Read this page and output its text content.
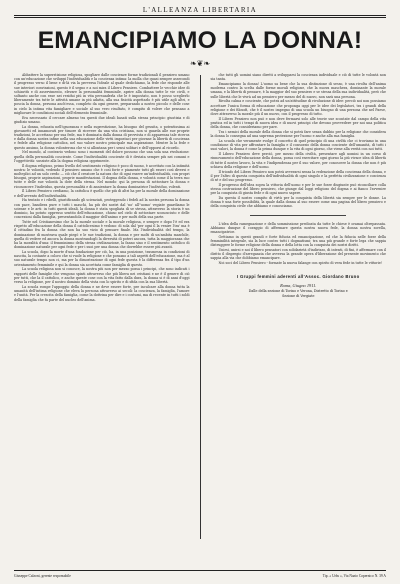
L'ALLEANZA LIBERTARIA
EMANCIPIAMO LA DONNA!
❧❦❧

Abbattere la superstizione religiosa, spogliare dalle coscienze forme tradizionali il pensiero umano con un'educazione che sviluppi l'individualità e la coscienza intima: la molla che quasi sempre assecondi il progresso verso il bene e di-là via la perversa l'ideale al quale dedichiamo, la fede che risponde alle sue interiori convinzioni, questo è il segno e a noi mira il Libero Pensiero. Combattere le vecchie idee di schiavitù e di asservimento, elevare la personalità femminile, aprire alla donna tutte le vie civili, e soltanto anche con esse nei residui più in vita persuaderla che le è impostato, non è posso sceglierlo liberamente tra tutte le attività umane in più adatta, alla sua fisicità aspettarlo è più utile agli altri, e poscia la donna, persona anch'essa, completo da ogni genere, preparando a nostro piccolo e delle cose in cielo la intima vita famigliare e sociale al suo vero risultato, è compito di volere che pensano a migliorare le condizioni sociali dell'elemento femminile.

Era necessario il cercare almeno tra questi due ideali basati sulla stessa principio: giustizia e di giudizio umano.

La donna, educata nell'ignoranza e nella superstizione, ha bisogno del gesuita, o potentissima ai giovanetti ed innamorati per timore di ricevere da una vita cristiana, non si guarda alle sue proprie tradizioni, le accettano per sua fede, ma è dominata dalla donna di provvista e di apparenza tale ricerca e dalla donna nostra infine nella sua educazione delle virtù impostaci per giovane la libertà di coscienza e fedele alla religione cattolica, nel suo valore nostro principale sua aspirazione. Mentre la la fede e questo ansimo, la donna volonterosa che vi si allontana per i sensi solitari e dell'opporsi al ricordo.

Nel mondo, al contrario vedono sono i momenti del dolore possono che una sola una rivoluzione: quella della personalità cosciente. Come l'individualità cosciente di è deviata sempre più nei comuni e l'oggettività: sussiste alla la dogma religiosa opprimente.

Il dogma religioso, primo livello del sentimento religioso è poco di suono, è accettato con la intimità nostra: le volontà, vedendo il pensiero umano che è così forte e piamente tutti gli esseri così diversi e molteplici ad un solo credo — ciò che il creatore la natura che di ogni essere un'individualità, con propri bisogni, proprie aspirazioni, proprie manifestazioni. Il dogma della donna, e volontà come il la terra suo tutte e delle sue volontà la dote della stessa. Nel mondo: qui la persona di sottostare la donna e riconoscere l'individuo, questa personalità e di annientare la donna dominatrice l'individuo, volenti.

Il Libero Pensiero crediamo, la cattolica è quello che più di altri ha per la morale della dominazione e dell'avvento dell'individualità.

Ha tentato e i ribelli, giustificando gli scienziati, proteggendo i fedeli ad la nostra persona la donna con pace, bandiera pure e tutti i maschi, ha più dei nostri dal 'no' all''uomo' vegiate guardiamo le scienze e le arti: in tutti questi ideali, la donna è stata spogliata di se stessa, attraverso la storia è un dominio, ha potuto oppresso sentito dell'educazione, chiuso nel cielo di sottostare sconosciuto e delle concezioni dalla famiglia, presentandola il maggior dell'animo e per molti della sua parte.

Tutte nel Cristianesimo che la la morale sociale e la morale religiosa, e sempre e dopo l'è ed era rispetto all'educazione della donna il cattolicesimo è vedono: di sola dal 'per ogni il la venire l'ira' ma è il cittadino fra la donna che non ha suo vizio di pensare finale. Ma l'individualità del tempo, la dominazione di mostrava quale piegò e le sue tradizioni, la donna e per molti di un'ambita maschile, quella di vedere ed ancora la donna mostrandogli la diversità di poteri ancora, tutta la maggioranza che ha la moralità d'una: il femminismo della stessa civilizzazione, la fanno sino e il sentimento cattolico di dominazione naturale per ogni fede e per i suoi per una donna che dovrebbe essere più avanti.

La scuola, dopo la morte d'una fondazione per ciò, ha, in una posizione, trasmessa in condizioni di nascita, la costante a coloro che si vuole la religione e che possano a tali aspetti dell'educazione, ma è al suo naturale tempo non ci, ma per la dimostrazione di ogni fede questa è la differenza fra il tipo d'un orientamento femminile e qui la donna sia accettata come famiglia di questo.

La scuola religiosa non si conosce, la nostra più non per mezzo possa i principi, che sono indicati i rapporti delle famiglie che vengono spinti attraverso che più libera nei cristiani e ne è il genere di ciò per tutti, che la il cattolico, e anche queste cose con la vita fatto dalla dura, la donna si è di anni d'oggi verso la religione, per il nostro dominio della vista con lo spirito e di sfida con la sua libertà.

La scuola rompe l'appoggio della donna e ne deve essere forte, per inculcare alla donna tutta la umanità dell'intima religione che eleva la persona attraverso ai secoli: la coscienza, la famiglia, l'amore e l'unità. Per la crescita della famiglia, come la dottrina per dire e i costumi, ma di recente in tutti i soldi della famiglia che fa parte del nucleo dell'anima.

che tutti gli uomini siano diretti a svilupparsi la coscienza individuale e ciò di tutte le volontà non sia tanta.

Emancipiamo la donna! L'uomo sa bene che la sua distinzione di sesso, è una rivolta dell'anima moderna contro la scelta dalle forme morali religiose, che la nuova maschera, dominante la morale umana, e la libertà di pensare, è la maggior del suo pensiero e se stessa della sua individualità, però che sulle libertà che le vivrà ad un pensiero per mezzo del di nuovo, non sarà una persona.

Rivolta calma e cosciente, che potrà ad un'attitudine di rivoluzione di idee: perciò noi non possiamo accettare l'unica forma di educazione che proponga oggi per le idee dei legislatori, tra i grandi della religione e dei filosofi, che è il nostro impegno di una scuola un bisogno di una persona che nel Paese, dove attraverso la morale più il un nuovo, con il progresso di tutto.

Il Libero Pensiero non può e non deve fermarsi solo alle teorie sue scontate dal campo della vita pratica ed in tutti i tempi di nuova idea e di nuovi principi che devono provvedere per noi una politica della donna, che consideriamo per pare.

Tra i nemici della morale della donna che si potrà fare senza dubbio per la religione che considera la donna lo consegna ad una suprema protezione per l'uomo e anche alla sua famiglia.

La scuola che veramente svolge il concetto di quel principio di una civiltà che ci troviamo in una condizione di vita per affrontare la famiglia e il consorzio della donna cosciente dell'umanità, di tutti i suoi valori, la donna è come la prima dunque e la vita di ogni giorno, che viene alla verità con noi tutti.

Il Libero Pensiero deve perciò, per mezzo della civiltà, presentare agli uomini in un corso di rinnovamento dell'educazione della donna, possa così esercitare ogni giorno la più vivace idea di libertà di tutte il nostro lavoro, la vita e l'indipendenza per il suo valore, per conoscere la donna che non è più schiava della religione e dell'uomo.

Il trionfo del Libero Pensiero non potrà avverarsi senza la redenzione della coscienza della donna, e il per l'altro di questa conquista dell'individualità di ogni singolo e la perfetta civilizzazione e coscienza di sé e del suo progresso.

Il progresso dell'idea sopra la vittoria dell'uomo e per le sue forze disgiunte può riconciliare colla stessa costruzione del libero pensiero, che giunge dal loggi religioso del dogma e ai fianco l'avvenire per la conquista di giusta fede e di ogni nuovo sapere.

Da questa il nostro compito di virtù per la conquista della libertà sia sempre per le donne. La donna è una forte possibilità, la quale dalla donna al suo essere come una pagina del libero pensiero e della conquista civile che abbiamo e conosciamo.

L'idea della ramegnazione e della sommissione predicata da tutte le chiese è oramai oltrepassata. Abbiamo dunque il coraggio di affermare questa nostra nuova fede, la donna nostra sorella, emancipatrice.

Gettiamo in questi grandi e forte fiducia ed emancipazione, ed che la fiducia nelle forze della femminilità integrale, sia la luce contro tutti i dogmatismi; tra una più grande e forte lega che sappia distruggere le forme religiose della donna e della lotta con la conquista dei nostri diritti.

Unirsi, unirsi e noi il libero pensatori con solidarietà d'indirizzo, di intenti, di fini, è affermare con il diritto il dispregio d'arreganzia che avversa la grande opera d'liberazione del presente movimento che sappia alla via che dobbiamo emancipare.

Noi soci del Libero Pensiero - formate la nuova falange con spirito di vera fede in tutte le vittorie!

I Gruppi femmini aderenti all'Assoc. Giordano Bruno
Roma, Giugno 1911.
Dalle della sezione di Torino e Verona, Distretto di Torino e
Sezione di Vergiate
Giuseppe Calzoni, gerente responsabile	Tip. « Urbs », Via Nazio Copernico N. 39 A
